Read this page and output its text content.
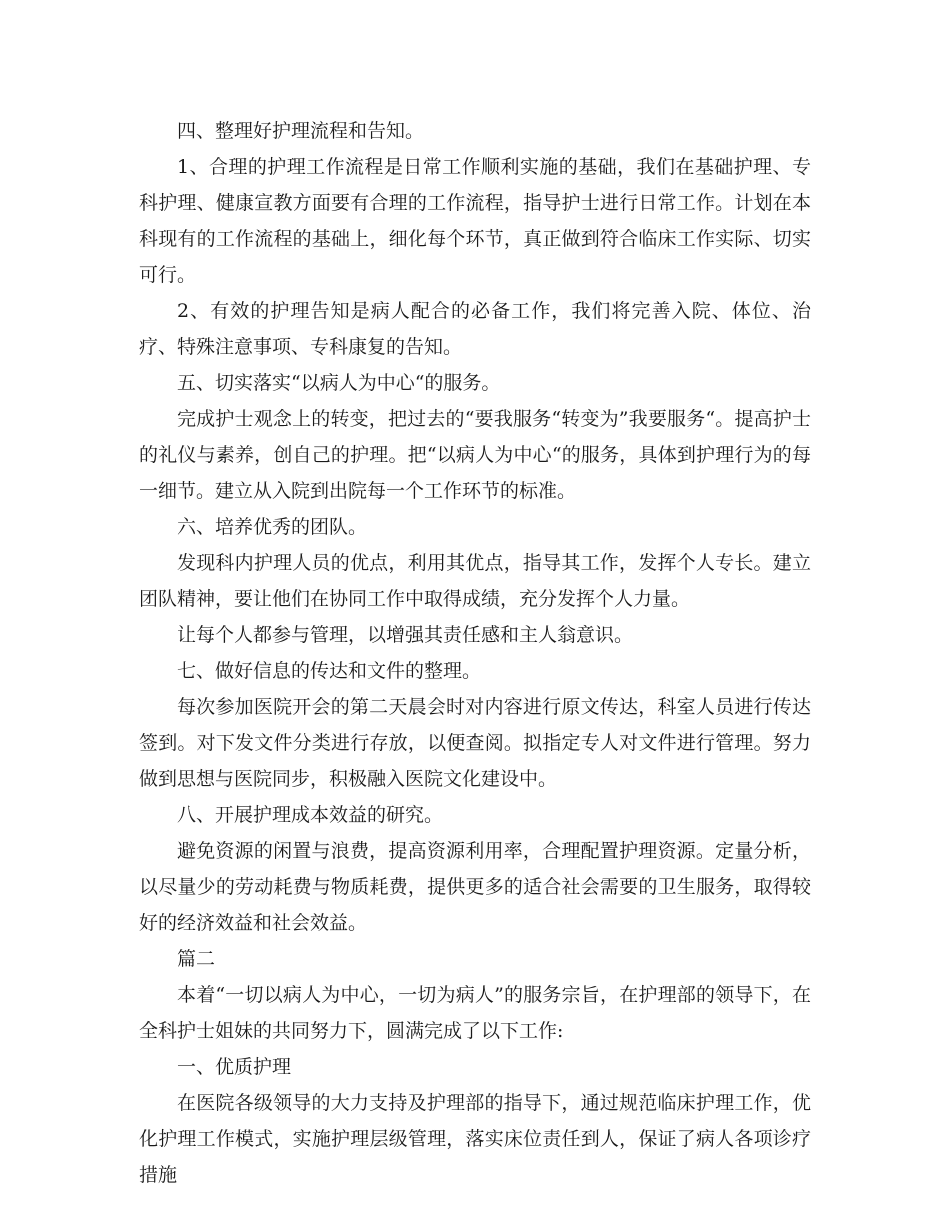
四、整理好护理流程和告知。

1、合理的护理工作流程是日常工作顺利实施的基础，我们在基础护理、专科护理、健康宣教方面要有合理的工作流程，指导护士进行日常工作。计划在本科现有的工作流程的基础上，细化每个环节，真正做到符合临床工作实际、切实可行。

2、有效的护理告知是病人配合的必备工作，我们将完善入院、体位、治疗、特殊注意事项、专科康复的告知。

五、切实落实“以病人为中心“的服务。

完成护士观念上的转变，把过去的“要我服务“转变为”我要服务“。提高护士的礼仪与素养，创自己的护理。把“以病人为中心“的服务，具体到护理行为的每一细节。建立从入院到出院每一个工作环节的标准。

六、培养优秀的团队。

发现科内护理人员的优点，利用其优点，指导其工作，发挥个人专长。建立团队精神，要让他们在协同工作中取得成绩，充分发挥个人力量。

让每个人都参与管理，以增强其责任感和主人翁意识。

七、做好信息的传达和文件的整理。

每次参加医院开会的第二天晨会时对内容进行原文传达，科室人员进行传达签到。对下发文件分类进行存放，以便查阅。拟指定专人对文件进行管理。努力做到思想与医院同步，积极融入医院文化建设中。

八、开展护理成本效益的研究。

避免资源的闲置与浪费，提高资源利用率，合理配置护理资源。定量分析，以尽量少的劳动耗费与物质耗费，提供更多的适合社会需要的卫生服务，取得较好的经济效益和社会效益。

篇二

本着“一切以病人为中心，一切为病人”的服务宗旨，在护理部的领导下，在全科护士姐妹的共同努力下，圆满完成了以下工作:

一、优质护理

在医院各级领导的大力支持及护理部的指导下，通过规范临床护理工作，优化护理工作模式，实施护理层级管理，落实床位责任到人，保证了病人各项诊疗措施
